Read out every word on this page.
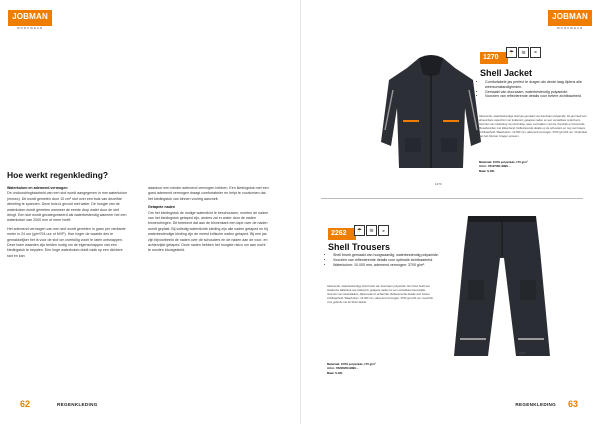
JOBMAN
WORKWEAR
Hoe werkt regenkleding?

Waterkolom en ademend vermogen
De ondoordringbaarheid van een stof wordt aangegeven in mm waterkolom (mmwc). Dit wordt gemeten door 10 cm² stof over een buis van dezelfde afmeting te spannen. Deze buis is gevuld met water. De hoogte van de waterkolom wordt gemeten wanneer de eerste drup water door de stof dringt. Een stof wordt gecategoriseerd als waterbestendig wanneer het een waterkolom van 2000 mm of meer heeft.

Het ademend vermogen van een stof wordt gemeten in gram per vierkante meter in 24 uur (g/m²/24 uur of MVP). Hoe hoger de waarde des te gemakkelijker het is voor de stof om overtollig vocht te laten ontsnappen. Deze twee waarden zijn beiden nodig om de eigenschappen van een kledingstuk te bepalen. Een hoge waterkolom duidt vaak op een dichtere stof en kan

daardoor een minder ademend vermogen hebben. Een kledingstuk met een goed ademend vermogen draagt comfortabeler en helpt te voorkomen dat het kledingstuk van binnen vochtig aanvoelt.

Getapete naden
Om het kledingstuk de nodige waterdicht te beschouwen, moeten de naden van het kledingstuk getaped zijn, anders zal er water door de naden binnendringen. Dit betekent dat aan de binnenkant een tape over de naden wordt geplakt. Bij volledig waterdichte kleding zijn alle naden getaped en bij waterbestendige kleding zijn de meest kritische naden getaped. Bij een jas zijn bijvoorbeeld de naden over de schouders en de naden aan de voor- en achterzijde getaped. Deze naden hebben het hoogste risico om aan vocht te worden blootgesteld.

62	REGENKLEDING
JOBMAN
WORKWEAR
1270
1270
☂	≋	◓
Shell Jacket
• Comfortabele jas perfect te dragen als derde laag tijdens alle weersomstandigheden.
• Gemaakt van duurzaam, waterbestendig polyamide.
• Voorzien van reflecterende details voor betere zichtbaarheid.
Ademende, waterbestendige shell jas gemaakt van duurzaam polyamide. De jas heeft een afneembare capuchon met trekkoord, getapete naden en een verstelbare onderzoom. Voorzien van ritssluiting met stormklep, twee voorzakken met rits, borstzak en binnenzak. Mouwboorden met klittenband. Reflecterende details op de schouders en rug voor betere zichtbaarheid. Waterkolom: 10.000 mm, ademend vermogen: 3700 g/m²/24 uur. Onderdeel van het Jobman 3-lagen systeem.
Materiaal: 100% polyamide, 170 g/m²
Artnr.: 65127001-9899 ...
Maat: S-3XL
2262	☂	≋	◒
Shell Trousers
• Shell broek gemaakt van hoogwaardig, waterbestendig polyamide.
• Voorzien van reflecterende details voor optimale zichtbaarheid.
• Waterkolom: 10.000 mm, ademend vermogen: 3700 g/m².
Ademende, waterbestendige shell broek van duurzaam polyamide. De broek heeft een elastische tailleband met trekkoord, getapete naden en een verstelbare beenwijdte. Voorzien van steekzakken, dijbeenzak en achterzak. Reflecterende details voor betere zichtbaarheid. Waterkolom: 10.000 mm, ademend vermogen: 3700 g/m²/24 uur. Geschikt voor gebruik met de Shell Jacket.
Materiaal: 100% polyamide, 170 g/m²
Artnr.: 65226200-9899 ...
Maat: S-3XL
2262
REGENKLEDING 63
